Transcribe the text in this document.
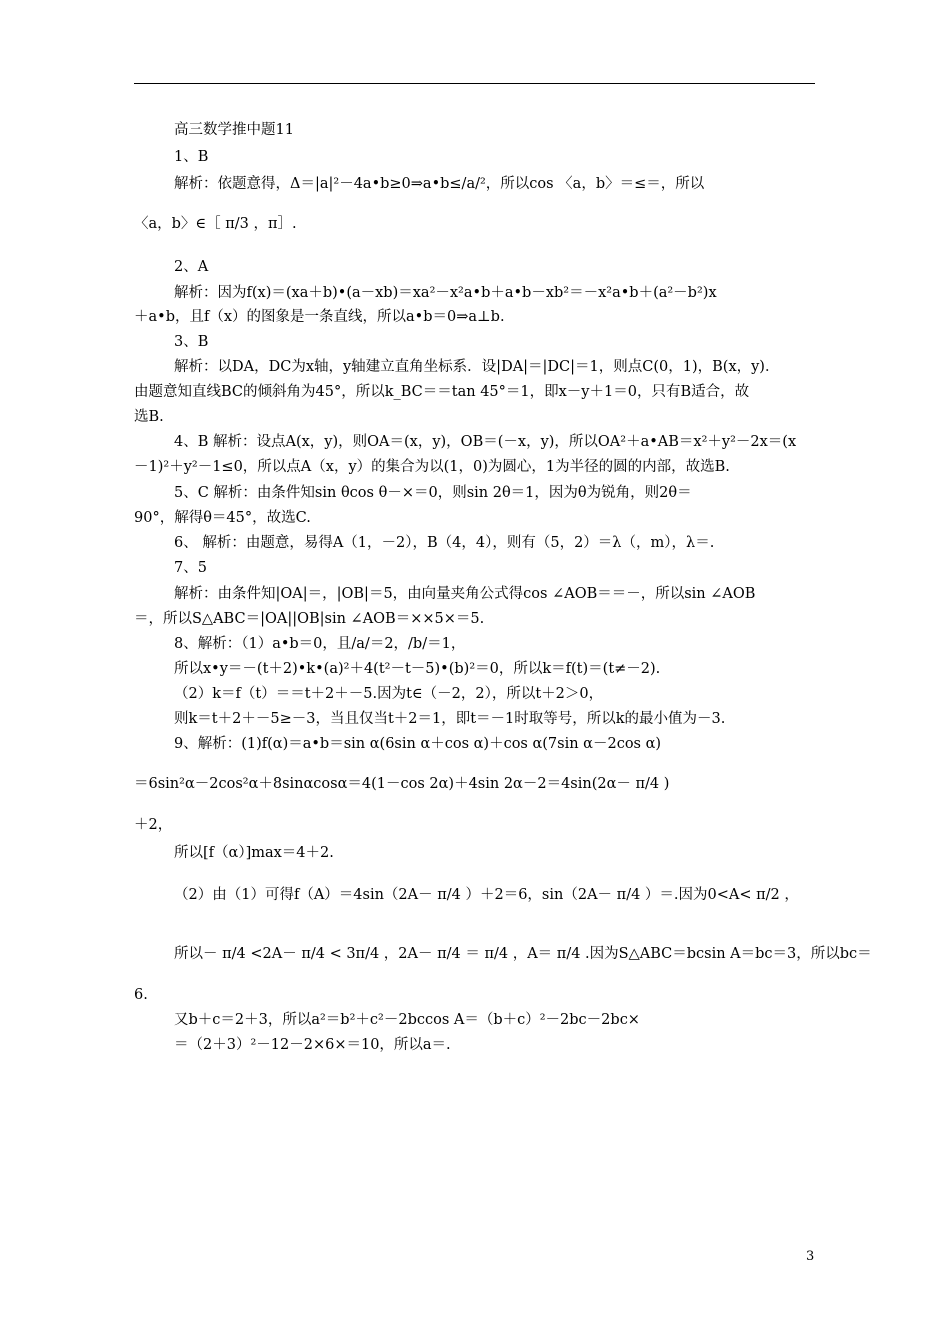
高三数学推中题11
1、B
解析：依题意得，Δ＝|a|²－4a•b≥0⇒a•b≤/a/²，所以cos 〈a，b〉＝≤＝，所以
〈a，b〉∈［ π/3 ，π］.
2、A
解析：因为f(x)＝(xa＋b)•(a－xb)＝xa²－x²a•b＋a•b－xb²＝－x²a•b＋(a²－b²)x
＋a•b，且f（x）的图象是一条直线，所以a•b＝0⇒a⊥b.
3、B
解析：以DA，DC为x轴，y轴建立直角坐标系．设|DA|＝|DC|＝1，则点C(0，1)，B(x，y)．
由题意知直线BC的倾斜角为45°，所以k_BC＝＝tan 45°＝1，即x－y＋1＝0，只有B适合，故
选B.
4、B 解析：设点A(x，y)，则OA＝(x，y)，OB＝(－x，y)，所以OA²＋a•AB＝x²＋y²－2x＝(x
－1)²＋y²－1≤0，所以点A（x，y）的集合为以(1，0)为圆心，1为半径的圆的内部，故选B.
5、C 解析：由条件知sin θcos θ－×＝0，则sin 2θ＝1，因为θ为锐角，则2θ＝
90°，解得θ＝45°，故选C.
6、 解析：由题意，易得A（1，－2），B（4，4），则有（5，2）＝λ（，m），λ＝.
7、5
解析：由条件知|OA|＝，|OB|＝5，由向量夹角公式得cos ∠AOB＝＝－，所以sin ∠AOB
＝，所以S△ABC＝|OA||OB|sin ∠AOB＝××5×＝5.
8、解析：（1）a•b＝0，且/a/＝2，/b/＝1，
所以x•y＝－(t＋2)•k•(a)²＋4(t²－t－5)•(b)²＝0，所以k＝f(t)＝(t≠－2).
（2）k＝f（t）＝＝t＋2＋－5.因为t∈（－2，2），所以t＋2＞0，
则k＝t＋2＋－5≥－3，当且仅当t＋2＝1，即t＝－1时取等号，所以k的最小值为－3.
9、解析：(1)f(α)＝a•b＝sin α(6sin α＋cos α)＋cos α(7sin α－2cos α)
＝6sin²α－2cos²α＋8sinαcosα＝4(1－cos 2α)＋4sin 2α－2＝4sin(2α－ π/4 )
＋2，
所以[f（α）]max＝4＋2.
（2）由（1）可得f（A）＝4sin（2A－ π/4 ）＋2＝6，sin（2A－ π/4 ）＝.因为0<A< π/2 ，
所以－ π/4 <2A－ π/4 < 3π/4 ，2A－ π/4 ＝ π/4 ，A＝ π/4 .因为S△ABC＝bcsin A＝bc＝3，所以bc＝
6.
又b＋c＝2＋3，所以a²＝b²＋c²－2bccos A＝（b＋c）²－2bc－2bc×
＝（2＋3）²－12－2×6×＝10，所以a＝.
3
